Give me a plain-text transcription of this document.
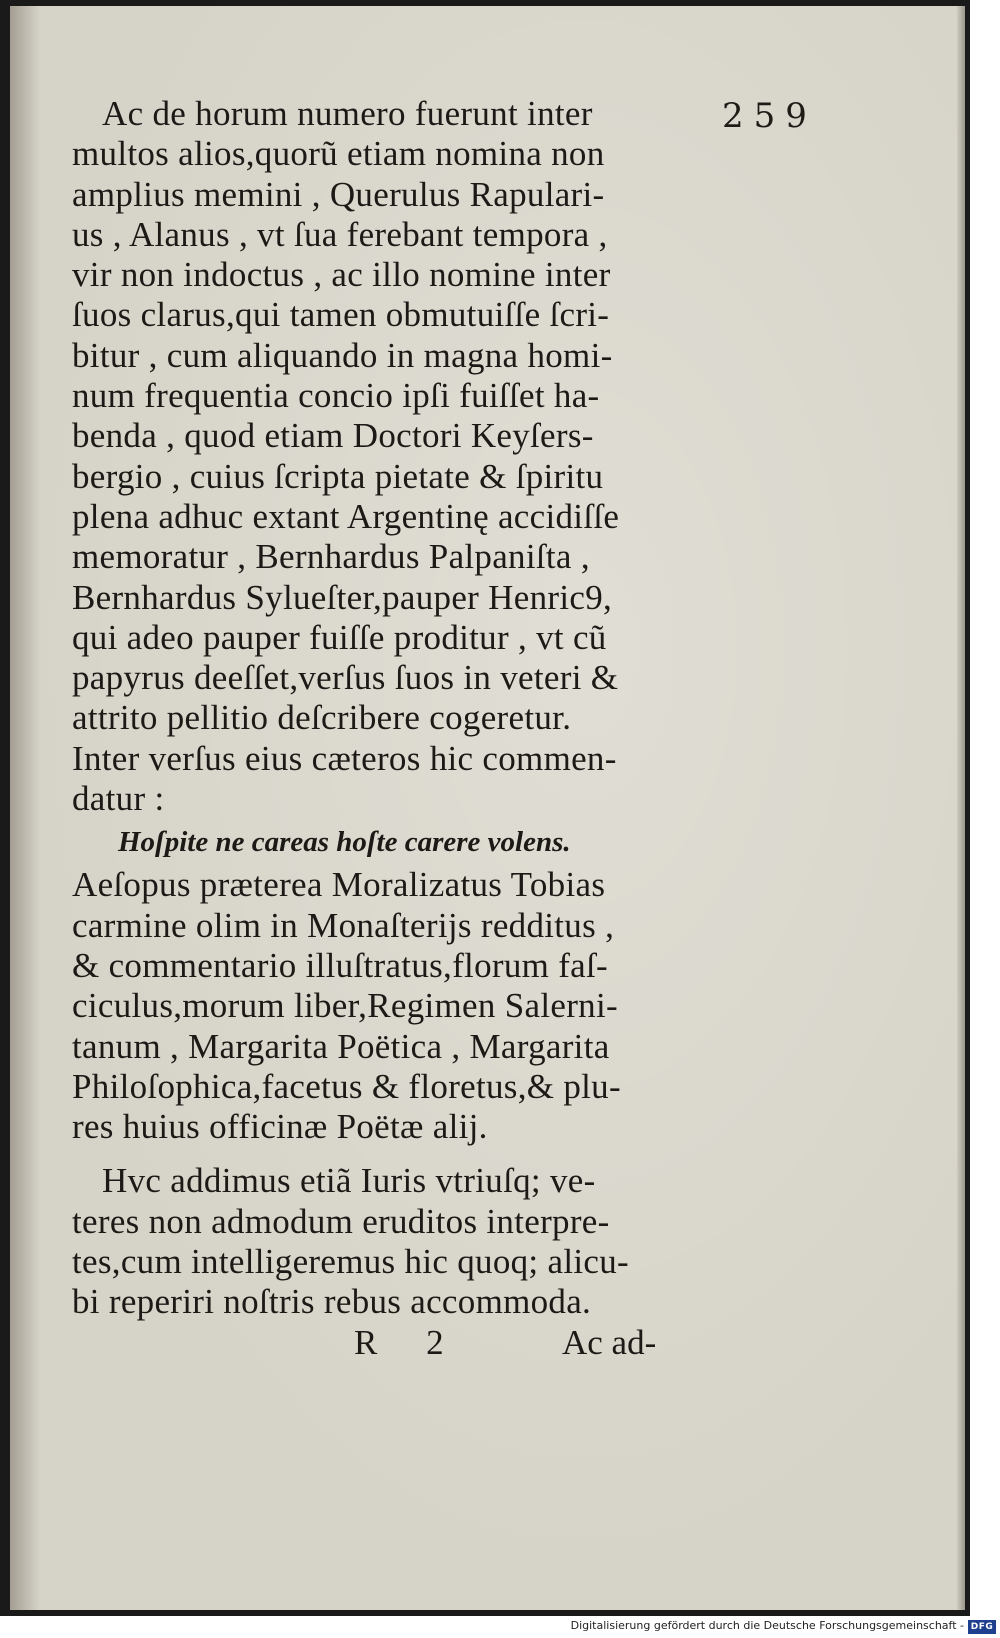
259

Ac de horum numero fuerunt inter
multos alios,quorũ etiam nomina non
amplius memini , Querulus Rapulari-
us , Alanus , vt ſua ferebant tempora ,
vir non indoctus , ac illo nomine inter
ſuos clarus,qui tamen obmutuiſſe ſcri-
bitur , cum aliquando in magna homi-
num frequentia concio ipſi fuiſſet ha-
benda , quod etiam Doctori Keyſers-
bergio , cuius ſcripta pietate & ſpiritu
plena adhuc extant Argentinę accidiſſe
memoratur , Bernhardus Palpaniſta ,
Bernhardus Sylueſter,pauper Henric9,
qui adeo pauper fuiſſe proditur , vt cũ
papyrus deeſſet,verſus ſuos in veteri &
attrito pellitio deſcribere cogeretur.
Inter verſus eius cæteros hic commen-
datur :
Hoſpite ne careas hoſte carere volens.
Aeſopus præterea Moralizatus Tobias
carmine olim in Monaſterijs redditus ,
& commentario illuſtratus,florum faſ-
ciculus,morum liber,Regimen Salerni-
tanum , Margarita Poëtica , Margarita
Philoſophica,facetus & floretus,& plu-
res huius officinæ Poëtæ alij.
Hvc addimus etiã Iuris vtriuſq; ve-
teres non admodum eruditos interpre-
tes,cum intelligeremus hic quoq; alicu-
bi reperiri noſtris rebus accommoda.
R 2	Ac ad-
Digitalisierung gefördert durch die Deutsche Forschungsgemeinschaft - DFG
